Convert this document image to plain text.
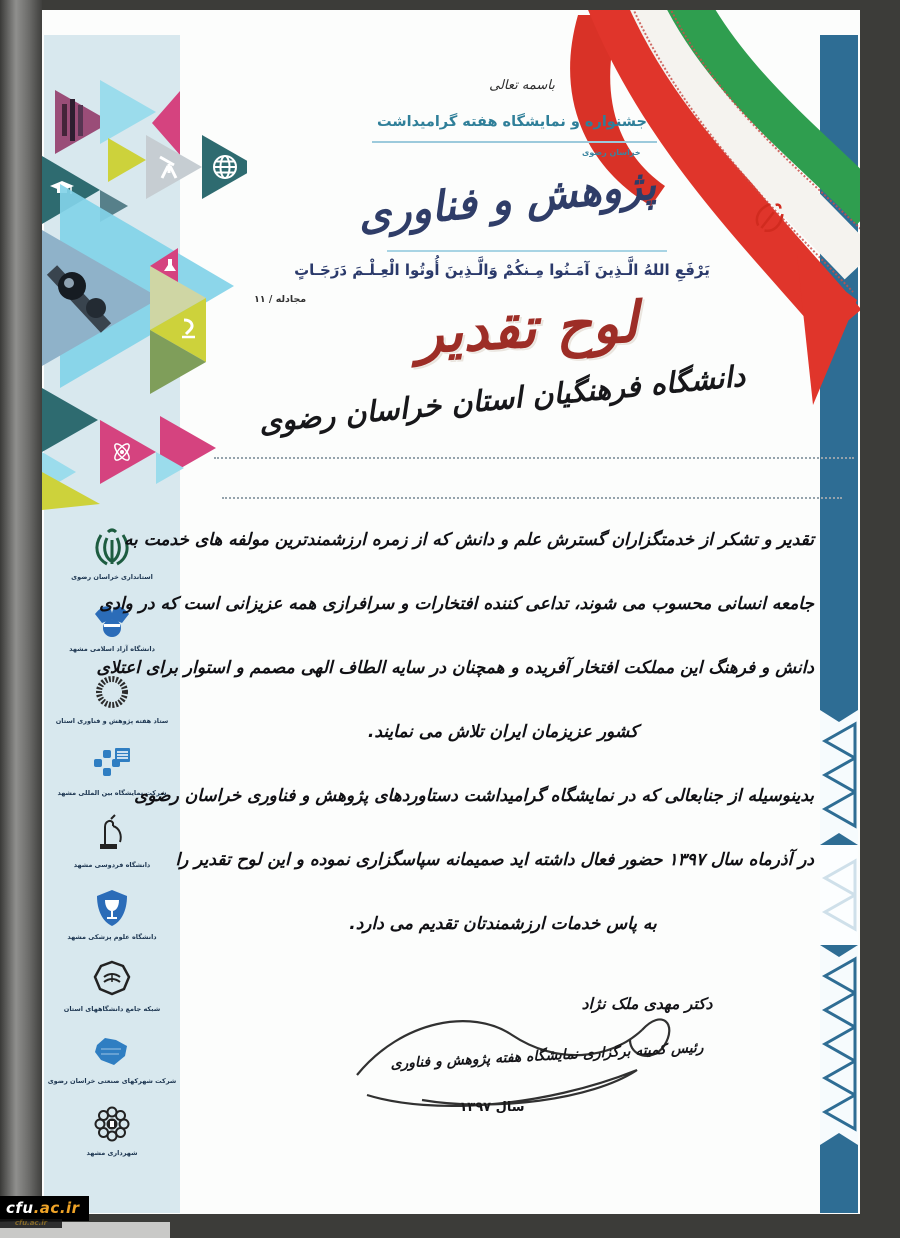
استانداری خراسان رضوی
دانشگاه آزاد اسلامی مشهد
ستاد هفته پژوهش و فناوری استان
شرکت نمایشگاه بین المللی مشهد
دانشگاه فردوسی مشهد
دانشگاه علوم پزشکی مشهد
شبکه جامع دانشگاههای استان
شرکت شهرکهای صنعتی خراسان رضوی
شهرداری مشهد
باسمه تعالی
جشنواره و نمایشگاه هفته گرامیداشت
خراسان رضوی
پژوهش و فناوری
یَرْفَعِ اللهُ الَّـذِینَ آمَـنُوا مِـنکُمْ وَالَّـذِینَ أُوتُوا الْعِـلْـمَ دَرَجَـاتٍ
مجادله / ۱۱	لوح تقدیر
دانشگاه فرهنگیان استان خراسان رضوی
تقدیر و تشکر از خدمتگزاران گسترش علم و دانش که از زمره ارزشمندترین مولفه های خدمت به
جامعه انسانی محسوب می شوند، تداعی کننده افتخارات و سرافرازی همه عزیزانی است که در وادی
دانش و فرهنگ این مملکت افتخار آفریده و همچنان در سایه الطاف الهی مصمم و استوار برای اعتلای
کشور عزیزمان ایران تلاش می نمایند.
بدینوسیله از جنابعالی که در نمایشگاه گرامیداشت دستاوردهای پژوهش و فناوری خراسان رضوی
در آذرماه سال ۱۳۹۷ حضور فعال داشته اید صمیمانه سپاسگزاری نموده و این لوح تقدیر را
به پاس خدمات ارزشمندتان تقدیم می دارد.
دکتر مهدی ملک نژاد
رئیس کمیته برگزاری نمایشگاه هفته پژوهش و فناوری
سال ۱۳۹۷
cfu.ac.ir
cfu.ac.ir
